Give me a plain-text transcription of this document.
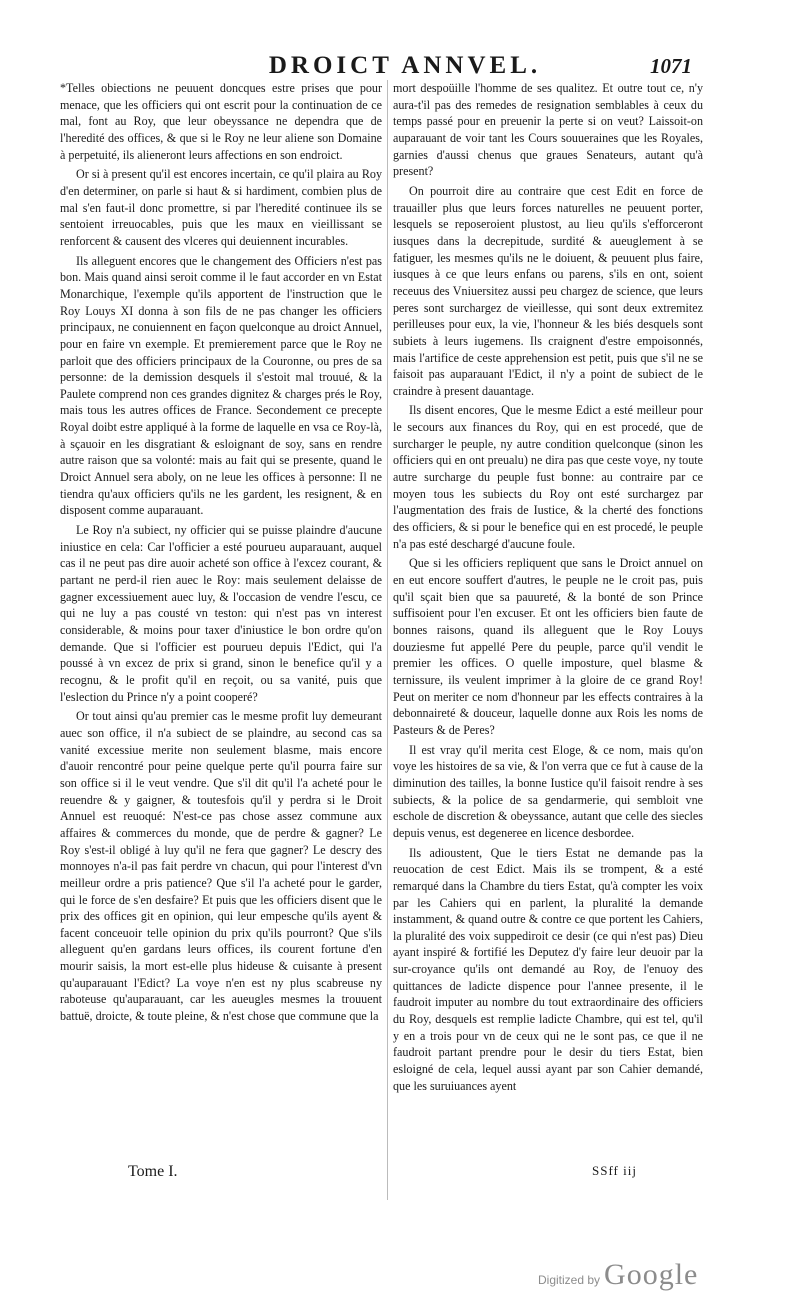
DROICT ANNVEL.	1071

*Telles obiections ne peuuent doncques estre prises que pour menace, que les officiers qui ont escrit pour la continuation de ce mal, font au Roy, que leur obeyssance ne dependra que de l'heredité des offices, & que si le Roy ne leur aliene son Domaine à perpetuité, ils alieneront leurs affections en son endroict.

Or si à present qu'il est encores incertain, ce qu'il plaira au Roy d'en determiner, on parle si haut & si hardiment, combien plus de mal s'en faut-il donc promettre, si par l'heredité continuee ils se sentoient irreuocables, puis que les maux en vieillissant se renforcent & causent des vlceres qui deuiennent incurables.

Ils alleguent encores que le changement des Officiers n'est pas bon. Mais quand ainsi seroit comme il le faut accorder en vn Estat Monarchique, l'exemple qu'ils apportent de l'instruction que le Roy Louys XI donna à son fils de ne pas changer les officiers principaux, ne conuiennent en façon quelconque au droict Annuel, pour en faire vn exemple. Et premierement parce que le Roy ne parloit que des officiers principaux de la Couronne, ou pres de sa personne: de la demission desquels il s'estoit mal trouué, & la Paulete comprend non ces grandes dignitez & charges prés le Roy, mais tous les autres offices de France. Secondement ce precepte Royal doibt estre appliqué à la forme de laquelle en vsa ce Roy-là, à sçauoir en les disgratiant & esloignant de soy, sans en rendre autre raison que sa volonté: mais au fait qui se presente, quand le Droict Annuel sera aboly, on ne leue les offices à personne: Il ne tiendra qu'aux officiers qu'ils ne les gardent, les resignent, & en disposent comme auparauant.

Le Roy n'a subiect, ny officier qui se puisse plaindre d'aucune iniustice en cela: Car l'officier a esté pourueu auparauant, auquel cas il ne peut pas dire auoir acheté son office à l'excez courant, & partant ne perd-il rien auec le Roy: mais seulement delaisse de gagner excessiuement auec luy, & l'occasion de vendre l'escu, ce qui ne luy a pas cousté vn teston: qui n'est pas vn interest considerable, & moins pour taxer d'iniustice le bon ordre qu'on demande. Que si l'officier est pourueu depuis l'Edict, qui l'a poussé à vn excez de prix si grand, sinon le benefice qu'il y a recognu, & le profit qu'il en reçoit, ou sa vanité, puis que l'eslection du Prince n'y a point cooperé?

Or tout ainsi qu'au premier cas le mesme profit luy demeurant auec son office, il n'a subiect de se plaindre, au second cas sa vanité excessiue merite non seulement blasme, mais encore d'auoir rencontré pour peine quelque perte qu'il pourra faire sur son office si il le veut vendre. Que s'il dit qu'il l'a acheté pour le reuendre & y gaigner, & toutesfois qu'il y perdra si le Droit Annuel est reuoqué: N'est-ce pas chose assez commune aux affaires & commerces du monde, que de perdre & gagner? Le Roy s'est-il obligé à luy qu'il ne fera que gagner? Le descry des monnoyes n'a-il pas fait perdre vn chacun, qui pour l'interest d'vn meilleur ordre a pris patience? Que s'il l'a acheté pour le garder, qui le force de s'en desfaire? Et puis que les officiers disent que le prix des offices git en opinion, qui leur empesche qu'ils ayent & facent conceuoir telle opinion du prix qu'ils pourront? Que s'ils alleguent qu'en gardans leurs offices, ils courent fortune d'en mourir saisis, la mort est-elle plus hideuse & cuisante à present qu'auparauant l'Edict? La voye n'en est ny plus scabreuse ny raboteuse qu'auparauant, car les aueugles mesmes la trouuent battuë, droicte, & toute pleine, & n'est chose que commune que la

mort despoüille l'homme de ses qualitez. Et outre tout ce, n'y aura-t'il pas des remedes de resignation semblables à ceux du temps passé pour en preuenir la perte si on veut? Laissoit-on auparauant de voir tant les Cours souueraines que les Royales, garnies d'aussi chenus que graues Senateurs, autant qu'à present?

On pourroit dire au contraire que cest Edit en force de trauailler plus que leurs forces naturelles ne peuuent porter, lesquels se reposeroient plustost, au lieu qu'ils s'efforceront iusques dans la decrepitude, surdité & aueuglement à se fatiguer, les mesmes qu'ils ne le doiuent, & peuuent plus faire, iusques à ce que leurs enfans ou parens, s'ils en ont, soient receuus des Vniuersitez aussi peu chargez de science, que leurs peres sont surchargez de vieillesse, qui sont deux extremitez perilleuses pour eux, la vie, l'honneur & les biés desquels sont subiets à leurs iugemens. Ils craignent d'estre empoisonnés, mais l'artifice de ceste apprehension est petit, puis que s'il ne se faisoit pas auparauant l'Edict, il n'y a point de subiect de le craindre à present dauantage.

Ils disent encores, Que le mesme Edict a esté meilleur pour le secours aux finances du Roy, qui en est procedé, que de surcharger le peuple, ny autre condition quelconque (sinon les officiers qui en ont preualu) ne dira pas que ceste voye, ny toute autre surcharge du peuple fust bonne: au contraire par ce moyen tous les subiects du Roy ont esté surchargez par l'augmentation des frais de Iustice, & la cherté des fonctions des officiers, & si pour le benefice qui en est procedé, le peuple n'a pas esté deschargé d'aucune foule.

Que si les officiers repliquent que sans le Droict annuel on en eut encore souffert d'autres, le peuple ne le croit pas, puis qu'il sçait bien que sa pauureté, & la bonté de son Prince suffisoient pour l'en excuser. Et ont les officiers bien faute de bonnes raisons, quand ils alleguent que le Roy Louys douziesme fut appellé Pere du peuple, parce qu'il vendit le premier les offices. O quelle imposture, quel blasme & ternissure, ils veulent imprimer à la gloire de ce grand Roy! Peut on meriter ce nom d'honneur par les effects contraires à la debonnaireté & douceur, laquelle donne aux Rois les noms de Pasteurs & de Peres?

Il est vray qu'il merita cest Eloge, & ce nom, mais qu'on voye les histoires de sa vie, & l'on verra que ce fut à cause de la diminution des tailles, la bonne Iustice qu'il faisoit rendre à ses subiects, & la police de sa gendarmerie, qui sembloit vne eschole de discretion & obeyssance, autant que celle des siecles depuis venus, est degeneree en licence desbordee.

Ils adioustent, Que le tiers Estat ne demande pas la reuocation de cest Edict. Mais ils se trompent, & a esté remarqué dans la Chambre du tiers Estat, qu'à compter les voix par les Cahiers qui en parlent, la pluralité la demande instamment, & quand outre & contre ce que portent les Cahiers, la pluralité des voix suppediroit ce desir (ce qui n'est pas) Dieu ayant inspiré & fortifié les Deputez d'y faire leur deuoir par la sur-croyance qu'ils ont demandé au Roy, de l'enuoy des quittances de ladicte dispence pour l'annee presente, il le faudroit imputer au nombre du tout extraordinaire des officiers du Roy, desquels est remplie ladicte Chambre, qui est tel, qu'il y en a trois pour vn de ceux qui ne le sont pas, ce que il ne faudroit partant prendre pour le desir du tiers Estat, bien esloigné de cela, lequel aussi ayant par son Cahier demandé, que les suruiuances ayent

Tome I.	SSff iij
Digitized by Google
